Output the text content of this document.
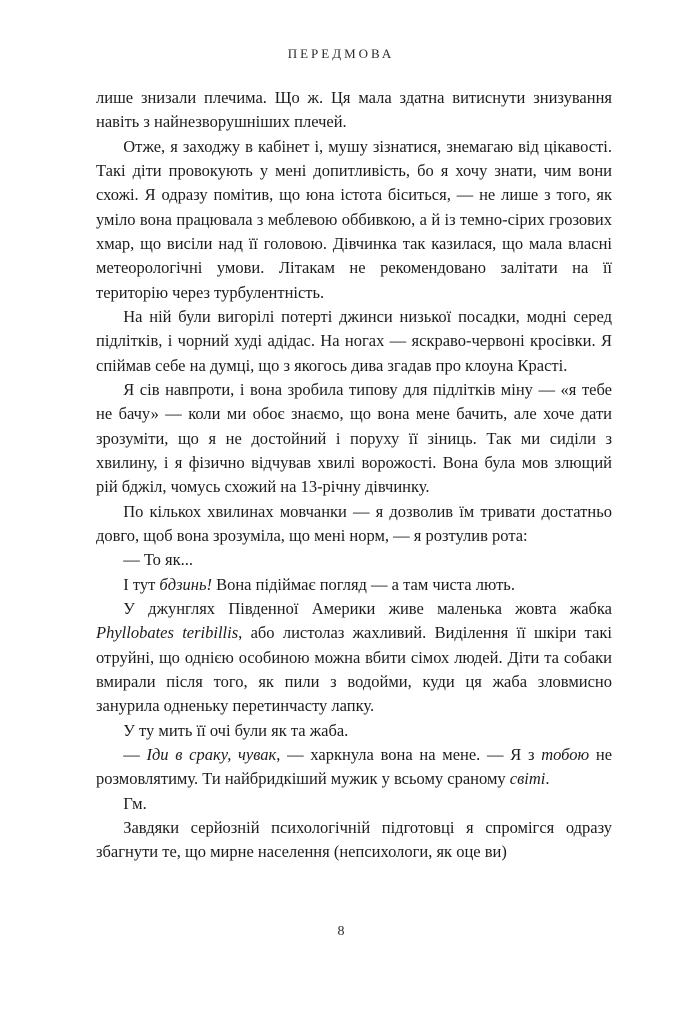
ПЕРЕДМОВА

лише знизали плечима. Що ж. Ця мала здатна витиснути знизування навіть з найнезворушніших плечей.

Отже, я заходжу в кабінет і, мушу зізнатися, знемагаю від цікавості. Такі діти провокують у мені допитливість, бо я хочу знати, чим вони схожі. Я одразу помітив, що юна істота біситься, — не лише з того, як уміло вона працювала з меблевою оббивкою, а й із темно-сірих грозових хмар, що висіли над її головою. Дівчинка так казилася, що мала власні метеорологічні умови. Літакам не рекомендовано залітати на її територію через турбулентність.

На ній були вигорілі потерті джинси низької посадки, модні серед підлітків, і чорний худі адідас. На ногах — яскраво-червоні кросівки. Я спіймав себе на думці, що з якогось дива згадав про клоуна Красті.

Я сів навпроти, і вона зробила типову для підлітків міну — «я тебе не бачу» — коли ми обоє знаємо, що вона мене бачить, але хоче дати зрозуміти, що я не достойний і поруху її зіниць. Так ми сиділи з хвилину, і я фізично відчував хвилі ворожості. Вона була мов злющий рій бджіл, чомусь схожий на 13-річну дівчинку.

По кількох хвилинах мовчанки — я дозволив їм тривати достатньо довго, щоб вона зрозуміла, що мені норм, — я розтулив рота:

— То як...

І тут бдзинь! Вона підіймає погляд — а там чиста лють.

У джунглях Південної Америки живе маленька жовта жабка Phyllobates teribillis, або листолаз жахливий. Виділення її шкіри такі отруйні, що однією особиною можна вбити сімох людей. Діти та собаки вмирали після того, як пили з водойми, куди ця жаба зловмисно занурила одненьку перетинчасту лапку.

У ту мить її очі були як та жаба.

— Іди в сраку, чувак, — харкнула вона на мене. — Я з тобою не розмовлятиму. Ти найбридкіший мужик у всьому сраному світі.

Гм.

Завдяки серйозній психологічній підготовці я спромігся одразу збагнути те, що мирне населення (непсихологи, як оце ви)

8
